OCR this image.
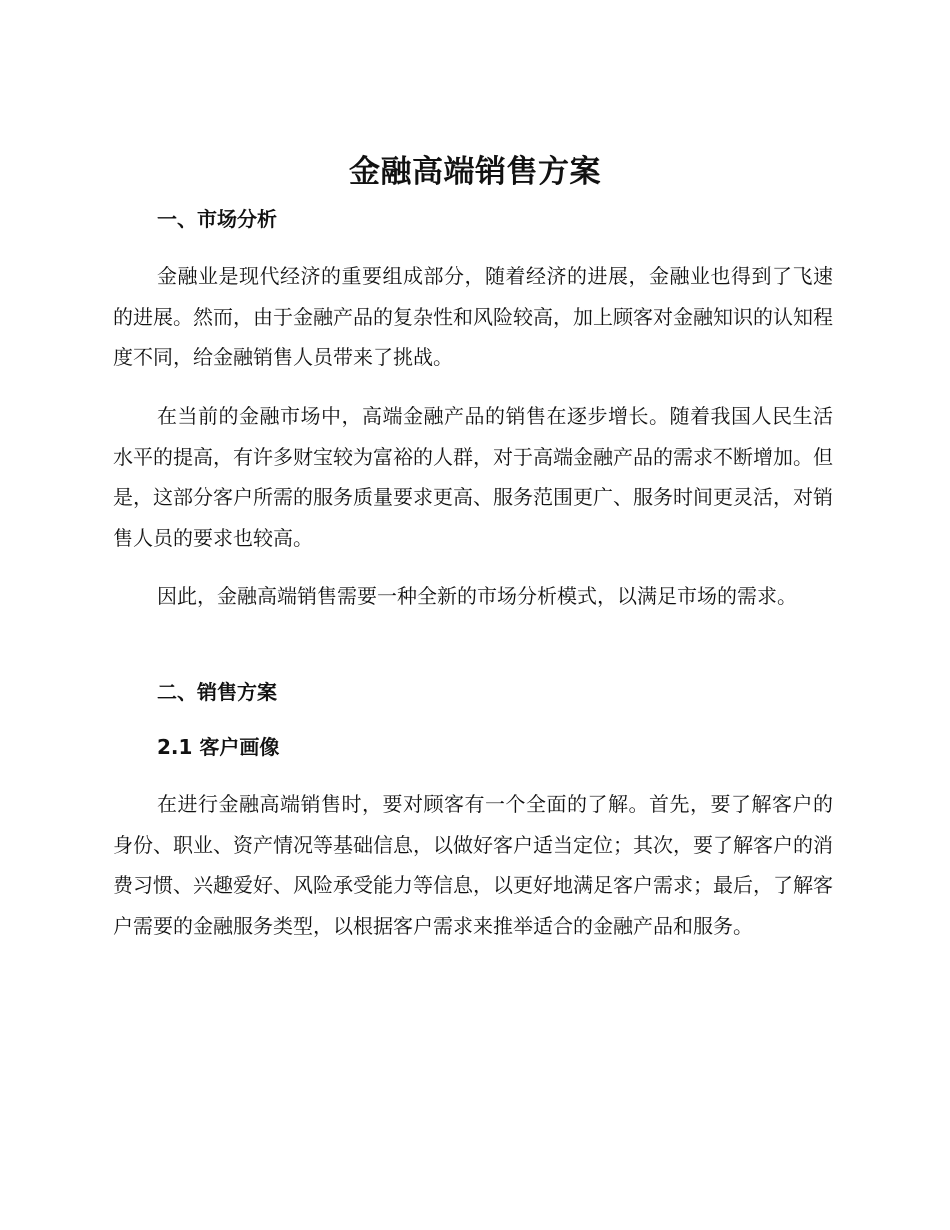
金融高端销售方案
一、市场分析

金融业是现代经济的重要组成部分，随着经济的进展，金融业也得到了飞速的进展。然而，由于金融产品的复杂性和风险较高，加上顾客对金融知识的认知程度不同，给金融销售人员带来了挑战。

在当前的金融市场中，高端金融产品的销售在逐步增长。随着我国人民生活水平的提高，有许多财宝较为富裕的人群，对于高端金融产品的需求不断增加。但是，这部分客户所需的服务质量要求更高、服务范围更广、服务时间更灵活，对销售人员的要求也较高。

因此，金融高端销售需要一种全新的市场分析模式，以满足市场的需求。

二、销售方案
2.1 客户画像

在进行金融高端销售时，要对顾客有一个全面的了解。首先，要了解客户的身份、职业、资产情况等基础信息，以做好客户适当定位；其次，要了解客户的消费习惯、兴趣爱好、风险承受能力等信息，以更好地满足客户需求；最后，了解客户需要的金融服务类型，以根据客户需求来推举适合的金融产品和服务。
